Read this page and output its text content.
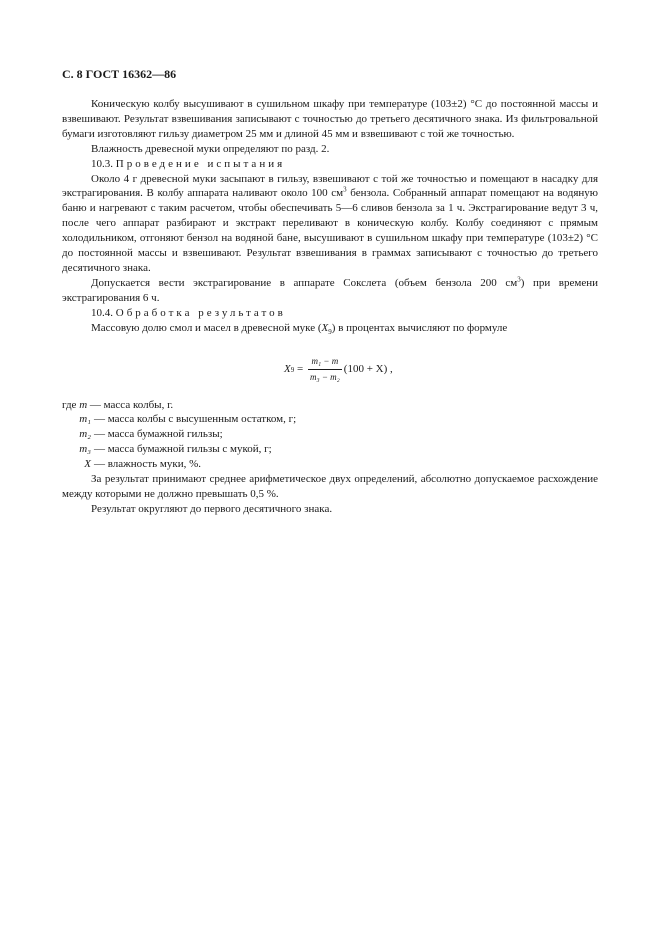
С. 8 ГОСТ 16362—86

Коническую колбу высушивают в сушильном шкафу при температуре (103±2) °С до постоянной массы и взвешивают. Результат взвешивания записывают с точностью до третьего десятичного знака. Из фильтровальной бумаги изготовляют гильзу диаметром 25 мм и длиной 45 мм и взвешивают с той же точностью.

Влажность древесной муки определяют по разд. 2.

10.3. Проведение испытания

Около 4 г древесной муки засыпают в гильзу, взвешивают с той же точностью и помещают в насадку для экстрагирования. В колбу аппарата наливают около 100 $см^3$ бензола. Собранный аппарат помещают на водяную баню и нагревают с таким расчетом, чтобы обеспечивать 5—6 сливов бензола за 1 ч. Экстрагирование ведут 3 ч, после чего аппарат разбирают и экстракт переливают в коническую колбу. Колбу соединяют с прямым холодильником, отгоняют бензол на водяной бане, высушивают в сушильном шкафу при температуре (103±2) °С до постоянной массы и взвешивают. Результат взвешивания в граммах записывают с точностью до третьего десятичного знака.

Допускается вести экстрагирование в аппарате Сокслета (объем бензола 200 $см^3$) при времени экстрагирования 6 ч.

10.4. Обработка результатов

Массовую долю смол и масел в древесной муке $(X_9)$ в процентах вычисляют по формуле

X $9 = \frac{\text{m₁ − m}}{\text{m₃ − m₂}} (100 + X)$ ,

где m — масса колбы, г.

m₁ — масса колбы с высушенным остатком, г;
m₂ — масса бумажной гильзы;
m₃ — масса бумажной гильзы с мукой, г;
X — влажность муки, %.

За результат принимают среднее арифметическое двух определений, абсолютно допускаемое расхождение между которыми не должно превышать 0,5 %.

Результат округляют до первого десятичного знака.
